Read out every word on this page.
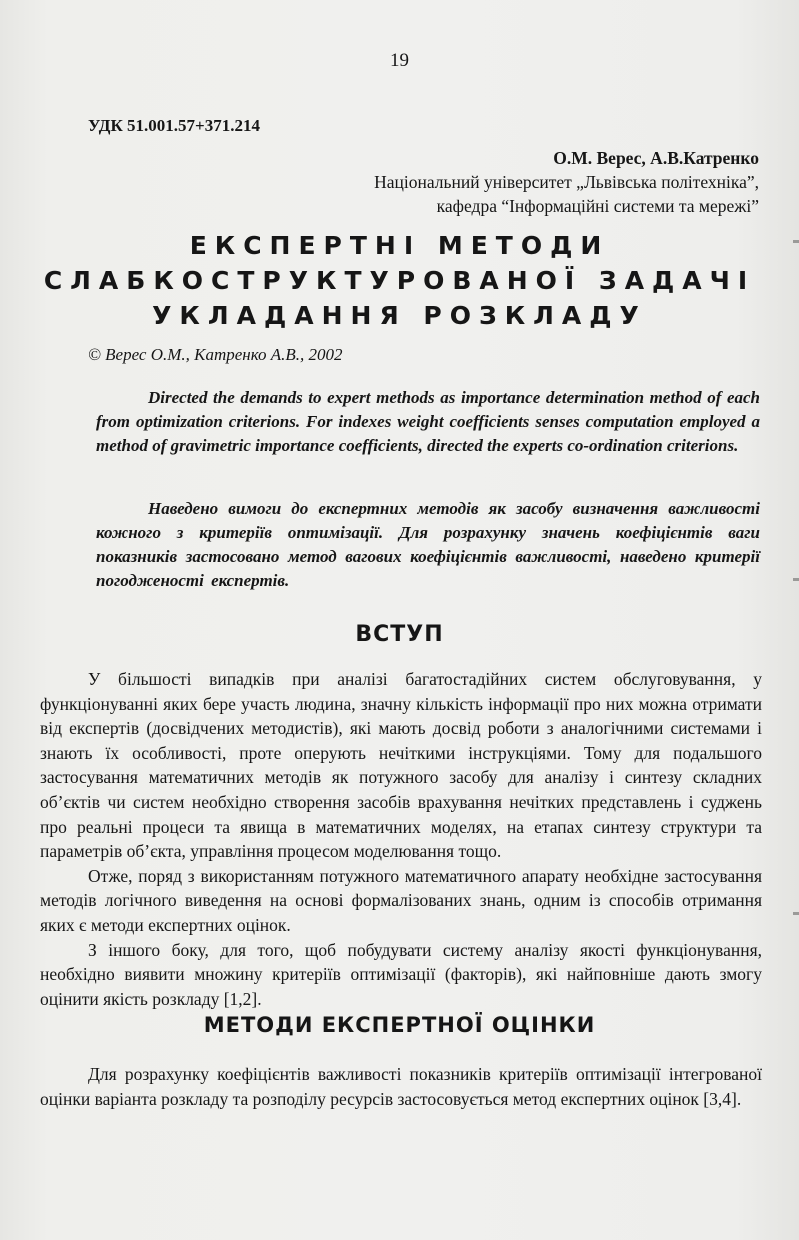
19
УДК 51.001.57+371.214
О.М. Верес, А.В.Катренко
Національний університет „Львівська політехніка”,
кафедра “Інформаційні системи та мережі”
ЕКСПЕРТНІ МЕТОДИ
СЛАБКОСТРУКТУРОВАНОЇ ЗАДАЧІ
УКЛАДАННЯ РОЗКЛАДУ
© Верес О.М., Катренко А.В., 2002

Directed the demands to expert methods as importance determination method of each from optimization criterions. For indexes weight coefficients senses computation employed a method of gravimetric importance coefficients, directed the experts co-ordination criterions.

Наведено вимоги до експертних методів як засобу визначення важливості кожного з критеріїв оптимізації. Для розрахунку значень коефіцієнтів ваги показників застосовано метод вагових коефіцієнтів важливості, наведено критерії погодженості експертів.

ВСТУП

У більшості випадків при аналізі багатостадійних систем обслуговування, у функціонуванні яких бере участь людина, значну кількість інформації про них можна отримати від експертів (досвідчених методистів), які мають досвід роботи з аналогічними системами і знають їх особливості, проте оперують нечіткими інструкціями. Тому для подальшого застосування математичних методів як потужного засобу для аналізу і синтезу складних об’єктів чи систем необхідно створення засобів врахування нечітких представлень і суджень про реальні процеси та явища в математичних моделях, на етапах синтезу структури та параметрів об’єкта, управління процесом моделювання тощо.

Отже, поряд з використанням потужного математичного апарату необхідне застосування методів логічного виведення на основі формалізованих знань, одним із способів отримання яких є методи експертних оцінок.

З іншого боку, для того, щоб побудувати систему аналізу якості функціонування, необхідно виявити множину критеріїв оптимізації (факторів), які найповніше дають змогу оцінити якість розкладу [1,2].

МЕТОДИ ЕКСПЕРТНОЇ ОЦІНКИ

Для розрахунку коефіцієнтів важливості показників критеріїв оптимізації інтегрованої оцінки варіанта розкладу та розподілу ресурсів застосовується метод експертних оцінок [3,4].
